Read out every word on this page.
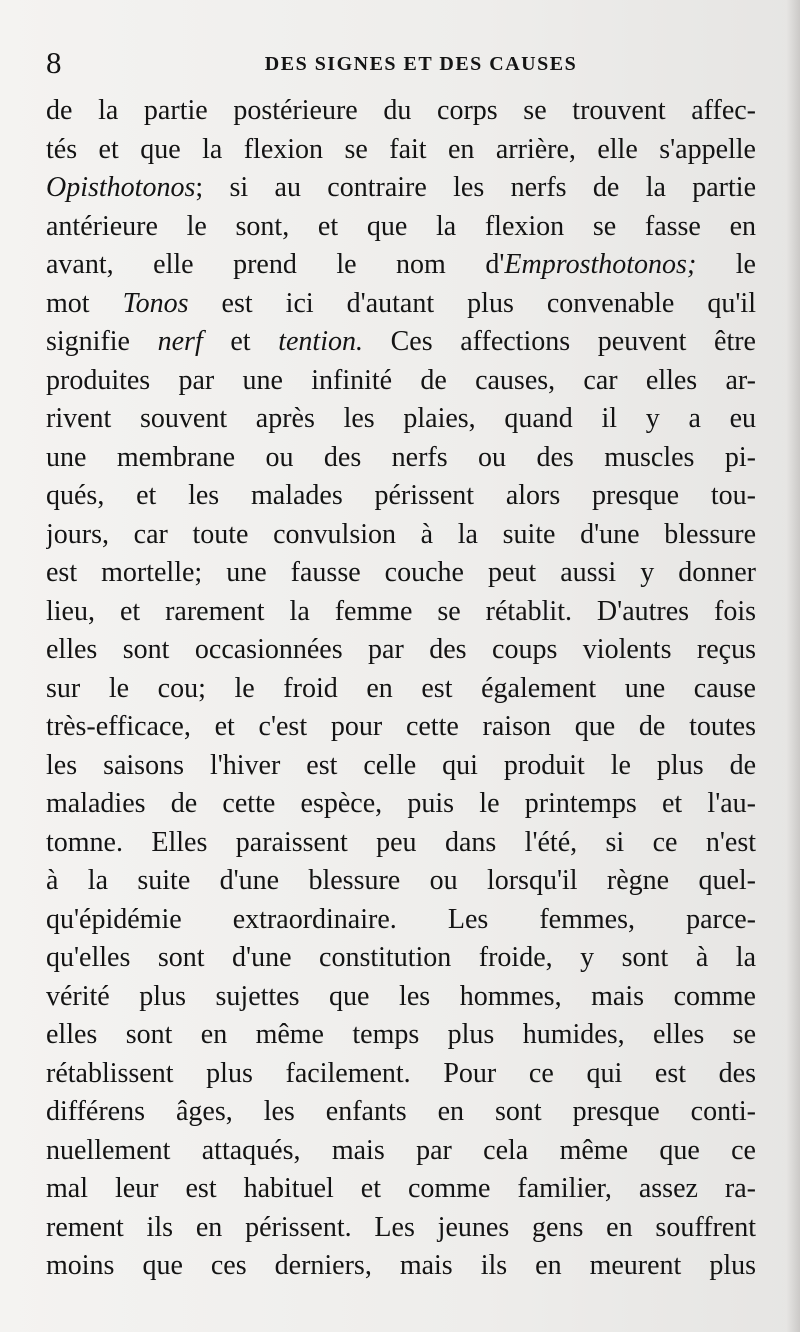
8	DES SIGNES ET DES CAUSES
de la partie postérieure du corps se trouvent affec-
tés et que la flexion se fait en arrière, elle s'appelle
Opisthotonos; si au contraire les nerfs de la partie
antérieure le sont, et que la flexion se fasse en
avant, elle prend le nom d'Emprosthotonos; le
mot Tonos est ici d'autant plus convenable qu'il
signifie nerf et tention. Ces affections peuvent être
produites par une infinité de causes, car elles ar-
rivent souvent après les plaies, quand il y a eu
une membrane ou des nerfs ou des muscles pi-
qués, et les malades périssent alors presque tou-
jours, car toute convulsion à la suite d'une blessure
est mortelle; une fausse couche peut aussi y donner
lieu, et rarement la femme se rétablit. D'autres fois
elles sont occasionnées par des coups violents reçus
sur le cou; le froid en est également une cause
très-efficace, et c'est pour cette raison que de toutes
les saisons l'hiver est celle qui produit le plus de
maladies de cette espèce, puis le printemps et l'au-
tomne. Elles paraissent peu dans l'été, si ce n'est
à la suite d'une blessure ou lorsqu'il règne quel-
qu'épidémie extraordinaire. Les femmes, parce-
qu'elles sont d'une constitution froide, y sont à la
vérité plus sujettes que les hommes, mais comme
elles sont en même temps plus humides, elles se
rétablissent plus facilement. Pour ce qui est des
différens âges, les enfants en sont presque conti-
nuellement attaqués, mais par cela même que ce
mal leur est habituel et comme familier, assez ra-
rement ils en périssent. Les jeunes gens en souffrent
moins que ces derniers, mais ils en meurent plus
